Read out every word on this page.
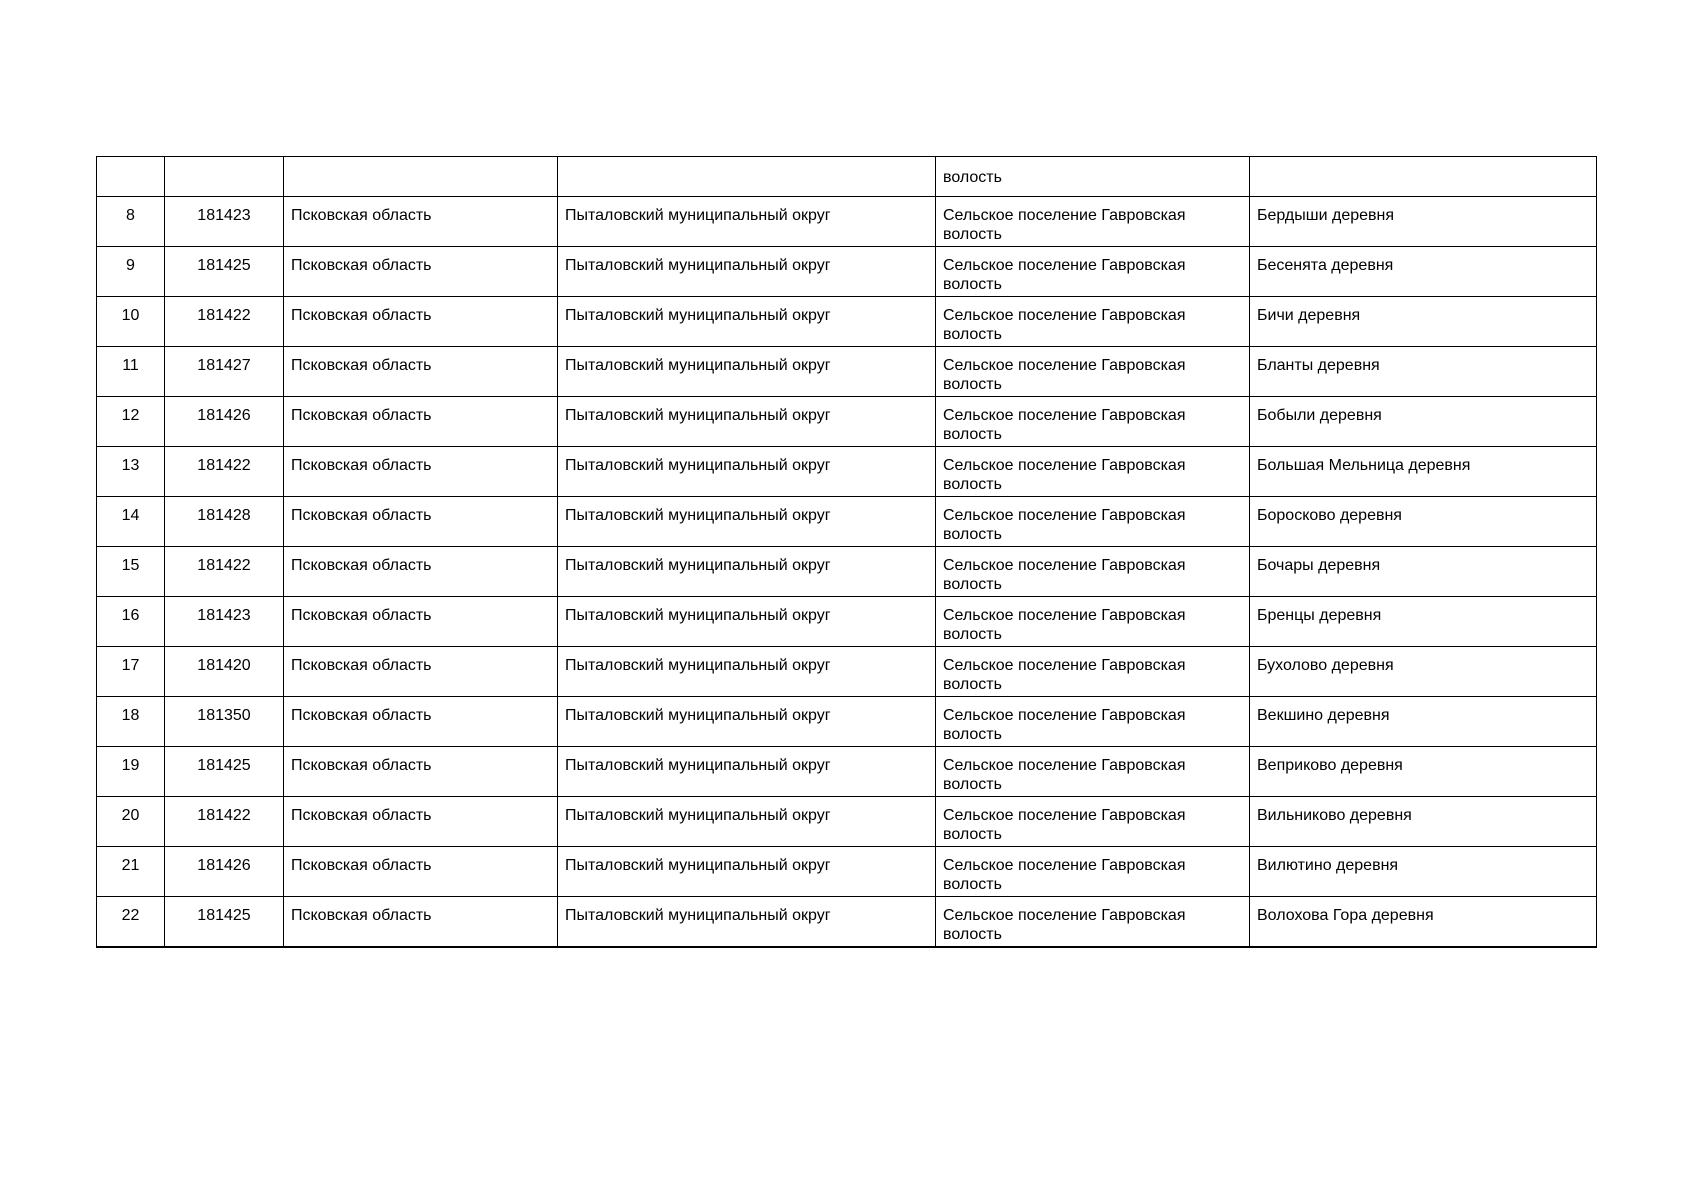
				волость	
8	181423	Псковская область	Пыталовский муниципальный округ	Сельское поселение Гавровская волость	Бердыши деревня
9	181425	Псковская область	Пыталовский муниципальный округ	Сельское поселение Гавровская волость	Бесенята деревня
10	181422	Псковская область	Пыталовский муниципальный округ	Сельское поселение Гавровская волость	Бичи деревня
11	181427	Псковская область	Пыталовский муниципальный округ	Сельское поселение Гавровская волость	Бланты деревня
12	181426	Псковская область	Пыталовский муниципальный округ	Сельское поселение Гавровская волость	Бобыли деревня
13	181422	Псковская область	Пыталовский муниципальный округ	Сельское поселение Гавровская волость	Большая Мельница деревня
14	181428	Псковская область	Пыталовский муниципальный округ	Сельское поселение Гавровская волость	Боросково деревня
15	181422	Псковская область	Пыталовский муниципальный округ	Сельское поселение Гавровская волость	Бочары деревня
16	181423	Псковская область	Пыталовский муниципальный округ	Сельское поселение Гавровская волость	Бренцы деревня
17	181420	Псковская область	Пыталовский муниципальный округ	Сельское поселение Гавровская волость	Бухолово деревня
18	181350	Псковская область	Пыталовский муниципальный округ	Сельское поселение Гавровская волость	Векшино деревня
19	181425	Псковская область	Пыталовский муниципальный округ	Сельское поселение Гавровская волость	Веприково деревня
20	181422	Псковская область	Пыталовский муниципальный округ	Сельское поселение Гавровская волость	Вильниково деревня
21	181426	Псковская область	Пыталовский муниципальный округ	Сельское поселение Гавровская волость	Вилютино деревня
22	181425	Псковская область	Пыталовский муниципальный округ	Сельское поселение Гавровская волость	Волохова Гора деревня
